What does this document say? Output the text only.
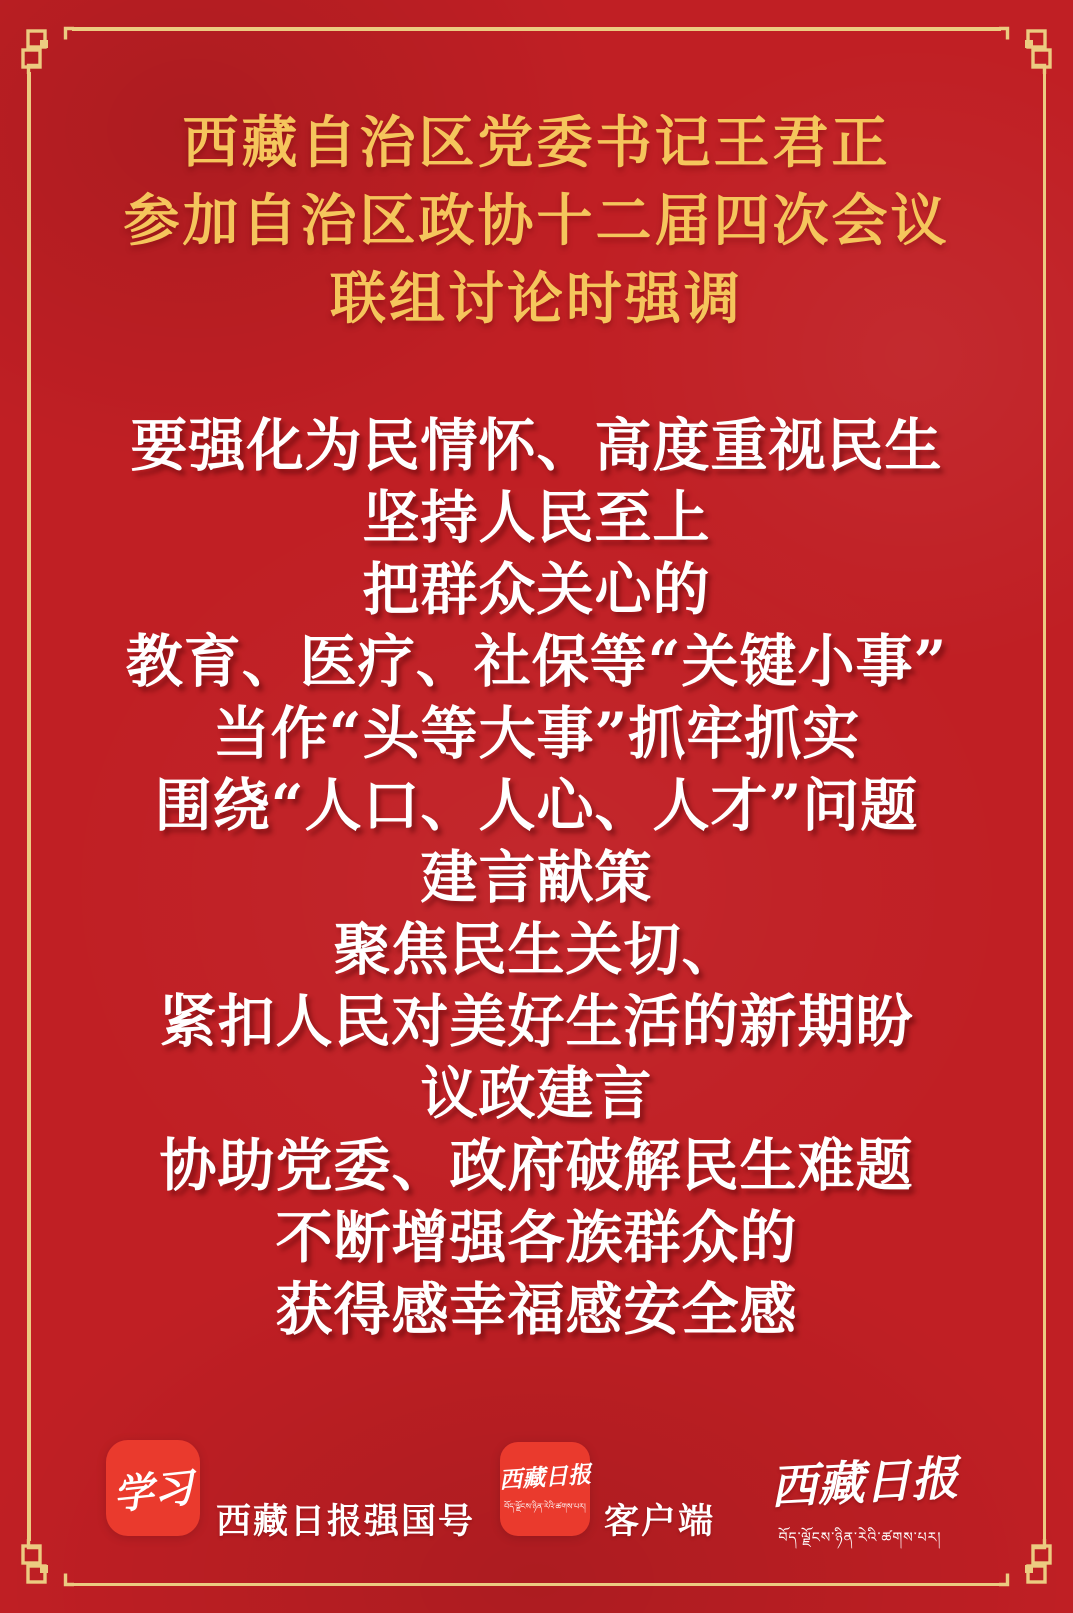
西藏自治区党委书记王君正
参加自治区政协十二届四次会议
联组讨论时强调
要强化为民情怀、高度重视民生
坚持人民至上
把群众关心的
教育、医疗、社保等“关键小事”
当作“头等大事”抓牢抓实
围绕“人口、人心、人才”问题
建言献策
聚焦民生关切、
紧扣人民对美好生活的新期盼
议政建言
协助党委、政府破解民生难题
不断增强各族群众的
获得感幸福感安全感
学习
西藏日报强国号
西藏日报
བོད་ལྗོངས་ཉིན་རེའི་ཚགས་པར། 客户端
西藏日报
བོད་ལྗོངས་ཉིན་རེའི་ཚགས་པར།
